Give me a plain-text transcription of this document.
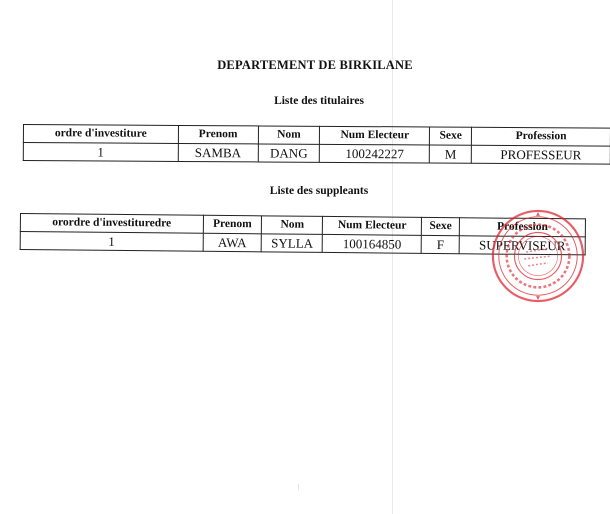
DEPARTEMENT DE BIRKILANE
Liste des titulaires
ordre d'investiture	Prenom	Nom	Num Electeur	Sexe	Profession
1	SAMBA	DANG	100242227	M	PROFESSEUR
Liste des suppleants
orordre d'investituredre	Prenom	Nom	Num Electeur	Sexe	Profession
1	AWA	SYLLA	100164850	F	SUPERVISEUR
